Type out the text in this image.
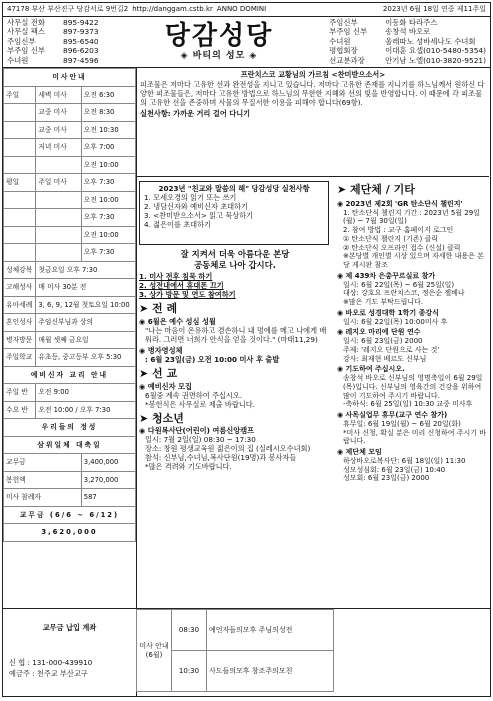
47178 부산 부산진구 당감서로 9번길2 http://danggam.cstb.kr ANNO DOMINI	2023년 6월 18일 연중 제11주일
사무실 전화	895-9422
사무실 팩스	897-9373
주임신부	895-6540
부주임 신부	896-6203
수녀원	897-4596
당감성당
◈ 바티의 성모 ◈
주임신부	이동화 타라주스
부주임 신부	송창석 바오로
수녀원	울레따노 성바세나도 수녀회
평협회장	이대훈 요셉(010-5480-5354)
선교분과장	안기남 노엘(010-3820-9521)
미사안내		
주일	새벽 미사	오전 6:30
	교중 미사	오전 8:30
	교중 미사	오전 10:30
	저녁 미사	오후 7:00
		오전 10:00
평일	주일 미사	오후 7:30
		오전 10:00
		오후 7:30
		오전 10:00
		오후 7:30
성체강복	첫금요일 오후 7:30	
고해성사	매 미사 30분 전	
유아세례	3, 6, 9, 12월 첫토요일 10:00	
혼인성사	주임신부님과 상의	
병자방문	매월 셋째 금요일	
주일학교	유초등, 중고등부 오후 5:30	
예비신자 교리 안내		
주일 반	오전 9:00	
수요 반	오전 10:00 / 오후 7:30	
우리들의 정성		
삼위일체 대축일		
교무금		3,400,000
봉헌액		3,270,000
미사 참례자		587
교무금 (6/6 ~ 6/12)		
3,620,000		
프란치스코 교황님의 가르침 <찬미받으소서>
피조물은 저마다 고유한 선과 완전성을 지니고 있습니다. 저마다 고유한 존재를 지니기를 하느님께서 원하신 다양한 피조물들은, 저마다 고유한 방법으로 하느님의 무한한 지혜와 선의 빛을 반영합니다. 이 때문에 각 피조물의 고유한 선을 존중하며 사물의 무질서한 이용을 피해야 합니다(69항).
실천사항: 가까운 거리 걸어 다니기
2023년 "친교와 말씀의 해" 당감성당 실천사항
1. 모세오경의 읽기 또는 쓰기
2. 냉담신자와 예비신자 초대하기
3. <찬미받으소서> 읽고 묵상하기
4. 젊은이를 초대하기
잘 지켜서 더욱 아름다운 본당
공동체로 나아 갑시다.
1. 미사 전후 침묵 하기
2. 성전내에서 휴대폰 끄기
3. 상가 방문 및 연도 참여하기
➤ 전 례
◉ 6월은 예수 성심 성월
"나는 마음이 온유하고 겸손하니 내 멍에를 메고 나에게 배워라. 그러면 너희가 안식을 얻을 것이다." (마태11,29)
◉ 병자영성체
: 6월 23일(금) 오전 10:00 미사 후 출발
➤ 선 교
◉ 예비신자 모집
6월중 계속 권면하여 주십시오.
*봉헌식은 사무실로 제출 바랍니다.
➤ 청소년
◉ 다원복사단(어린이) 여름신앙캠프
일시: 7월 2일(일) 08:30 ~ 17:30
장소: 창원 평생교육원 젊은이의 집 (실레시오수녀회)
참석: 신부님,수녀님,복사단원(19명)과 봉사자들
*많은 격려와 기도바랍니다.
➤ 제단체 / 기타
◉ 2023년 제2회 'GR 탄소단식 챌린지'
1. 탄소단식 챌린지 기간 : 2023년 5월 29일(월) ~ 7월 30일(일)
2. 참여 방법 : 교구 홈페이지 로그인
① 탄소단식 챌린지 (기존) 클릭
② 탄소단식 오프라인 접수 (신설) 클릭
※본당별 개인별 시상 있으며 자세한 내용은 본당 게시판 참조
◉ 제 439차 은총꾸르실료 참가
일시: 6월 22일(목) ~ 6월 25일(일)
대상: 강호요 프란치스코, 정은순 젤베나
※많은 기도 부탁드립니다.
◉ 바오로 성경대학 1학기 종강식
일시: 6월 22일(목) 10:00미사 후
◉ 레지오 마리에 단원 연수
일시: 6월 23일(금) 2000
주제: '레지오 단원으로 사는 것'
강사: 최재현 베르도 신부님
◉ 기도하여 주십시오.
송창석 바오로 신부님의 영명축일이 6월 29일(목)입니다. 신부님의 영육간의 건강을 위하여 많이 기도하여 주시기 바랍니다.
-축하식: 6월 25일(일) 10:30 교중 미사후
◉ 사목실업무 휴무(교구 연수 참가)
휴무일: 6월 19일(월) ~ 6월 20일(화)
*미사 신청, 확실 분은 미리 신청하여 주시기 바랍니다.
◉ 제단체 모임
하상바오로복사단: 6월 18일(일) 11:30
성모성심회: 6월 23일(금) 10:40
성모회: 6월 23일(금) 2000
교무금 납입 계좌
신 협 : 131-000-439910
예금주 : 천주교 부산교구
미사 안내 (6월)	08:30	예언자들의모후 주님의성전
	10:30	사도들의모후 창조주의모친
